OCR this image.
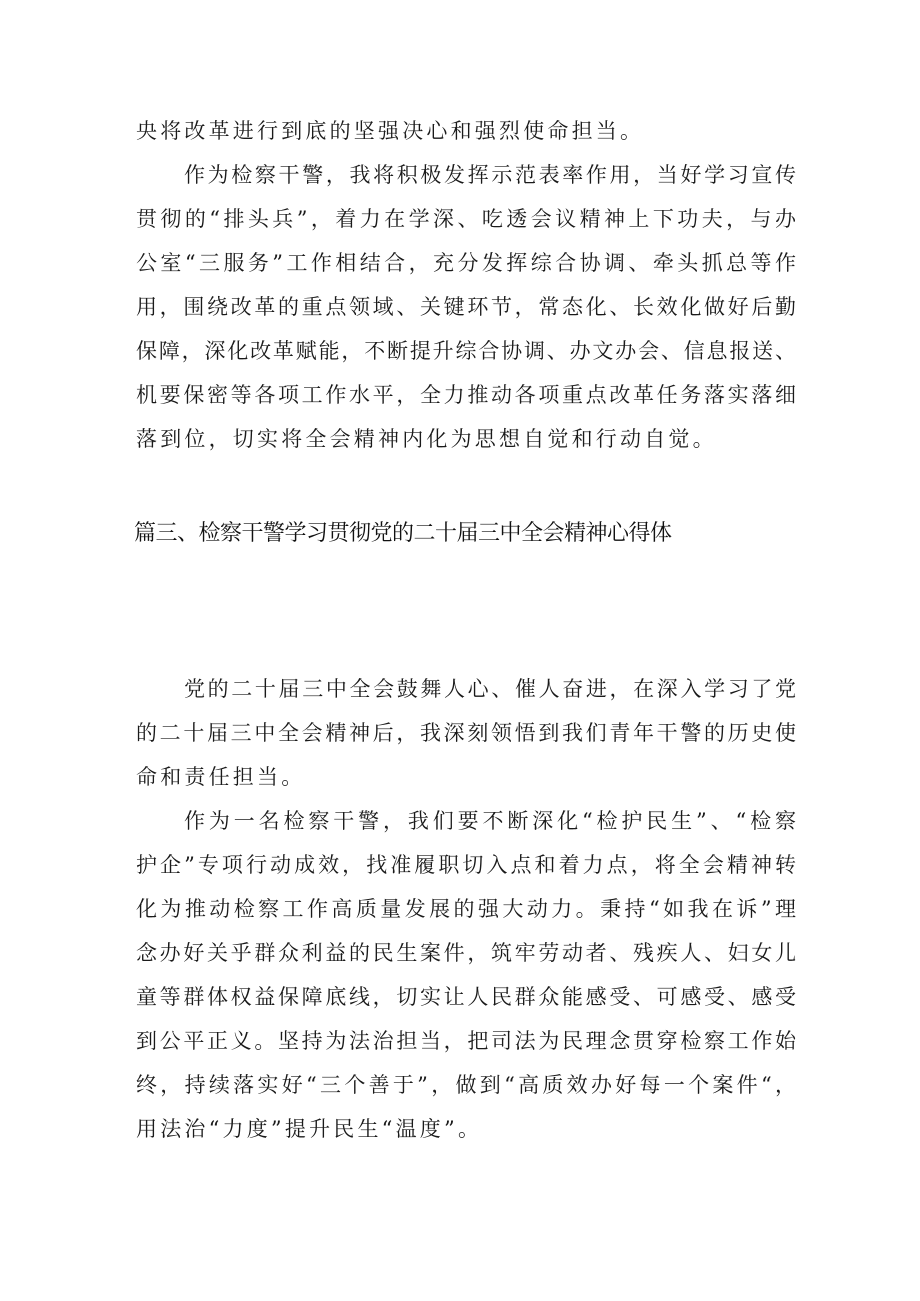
央将改革进行到底的坚强决心和强烈使命担当。
作为检察干警，我将积极发挥示范表率作用，当好学习宣传
贯彻的“排头兵”，着力在学深、吃透会议精神上下功夫，与办
公室“三服务”工作相结合，充分发挥综合协调、牵头抓总等作
用，围绕改革的重点领域、关键环节，常态化、长效化做好后勤
保障，深化改革赋能，不断提升综合协调、办文办会、信息报送、
机要保密等各项工作水平，全力推动各项重点改革任务落实落细
落到位，切实将全会精神内化为思想自觉和行动自觉。
篇三、检察干警学习贯彻党的二十届三中全会精神心得体
党的二十届三中全会鼓舞人心、催人奋进，在深入学习了党
的二十届三中全会精神后，我深刻领悟到我们青年干警的历史使
命和责任担当。
作为一名检察干警，我们要不断深化“检护民生”、“检察
护企”专项行动成效，找准履职切入点和着力点，将全会精神转
化为推动检察工作高质量发展的强大动力。秉持“如我在诉”理
念办好关乎群众利益的民生案件，筑牢劳动者、残疾人、妇女儿
童等群体权益保障底线，切实让人民群众能感受、可感受、感受
到公平正义。坚持为法治担当，把司法为民理念贯穿检察工作始
终，持续落实好“三个善于”，做到“高质效办好每一个案件“，
用法治“力度”提升民生“温度”。
